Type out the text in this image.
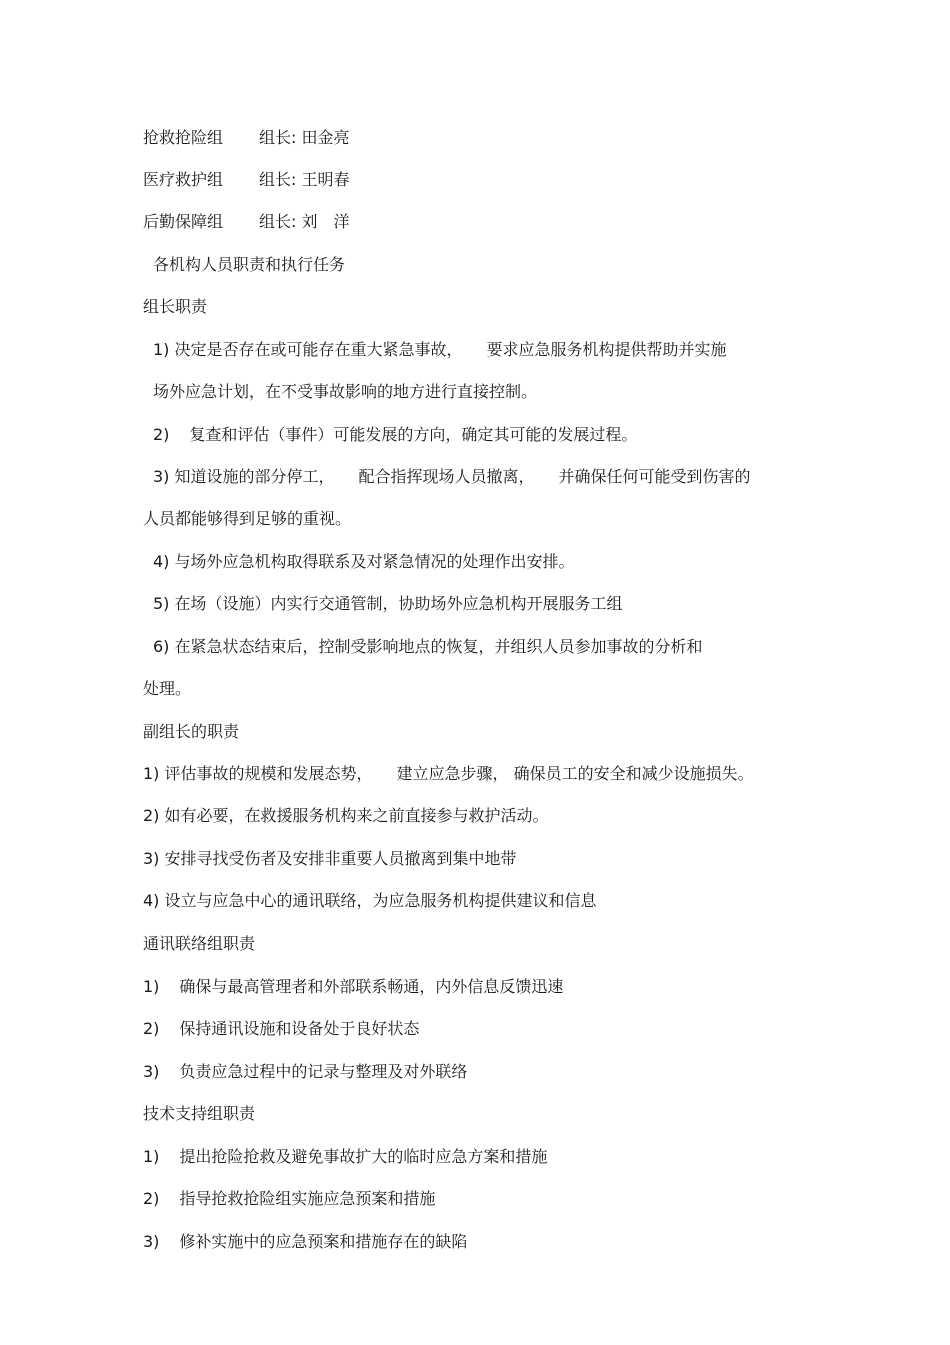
抢救抢险组 组长: 田金亮
医疗救护组 组长: 王明春
后勤保障组 组长: 刘　洋
各机构人员职责和执行任务
组长职责
1) 决定是否存在或可能存在重大紧急事故， 要求应急服务机构提供帮助并实施
场外应急计划，在不受事故影响的地方进行直接控制。
2) 复查和评估（事件）可能发展的方向，确定其可能的发展过程。
3) 知道设施的部分停工， 配合指挥现场人员撤离， 并确保任何可能受到伤害的
人员都能够得到足够的重视。
4) 与场外应急机构取得联系及对紧急情况的处理作出安排。
5) 在场（设施）内实行交通管制，协助场外应急机构开展服务工组
6) 在紧急状态结束后，控制受影响地点的恢复，并组织人员参加事故的分析和
处理。
副组长的职责
1) 评估事故的规模和发展态势， 建立应急步骤， 确保员工的安全和减少设施损失。
2) 如有必要，在救援服务机构来之前直接参与救护活动。
3) 安排寻找受伤者及安排非重要人员撤离到集中地带
4) 设立与应急中心的通讯联络，为应急服务机构提供建议和信息
通讯联络组职责
1) 确保与最高管理者和外部联系畅通，内外信息反馈迅速
2) 保持通讯设施和设备处于良好状态
3) 负责应急过程中的记录与整理及对外联络
技术支持组职责
1) 提出抢险抢救及避免事故扩大的临时应急方案和措施
2) 指导抢救抢险组实施应急预案和措施
3) 修补实施中的应急预案和措施存在的缺陷
